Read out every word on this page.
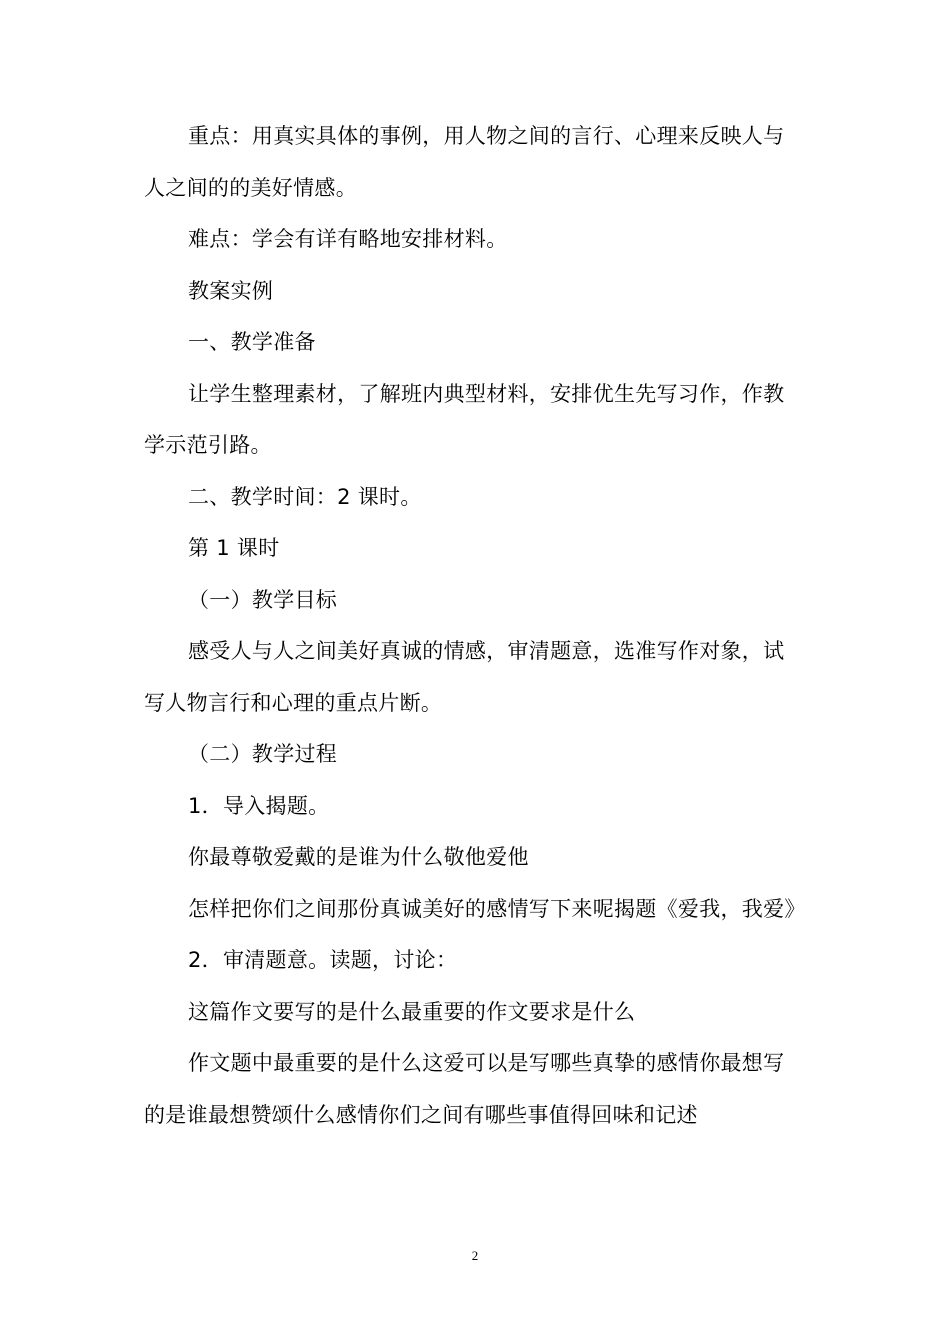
重点：用真实具体的事例，用人物之间的言行、心理来反映人与人之间的的美好情感。

难点：学会有详有略地安排材料。

教案实例

一、教学准备

让学生整理素材，了解班内典型材料，安排优生先写习作，作教学示范引路。

二、教学时间：2 课时。

第 1 课时

（一）教学目标

感受人与人之间美好真诚的情感，审清题意，选准写作对象，试写人物言行和心理的重点片断。

（二）教学过程

1．导入揭题。

你最尊敬爱戴的是谁为什么敬他爱他

怎样把你们之间那份真诚美好的感情写下来呢揭题《爱我，我爱》

2．审清题意。读题，讨论：

这篇作文要写的是什么最重要的作文要求是什么

作文题中最重要的是什么这爱可以是写哪些真挚的感情你最想写的是谁最想赞颂什么感情你们之间有哪些事值得回味和记述

2
